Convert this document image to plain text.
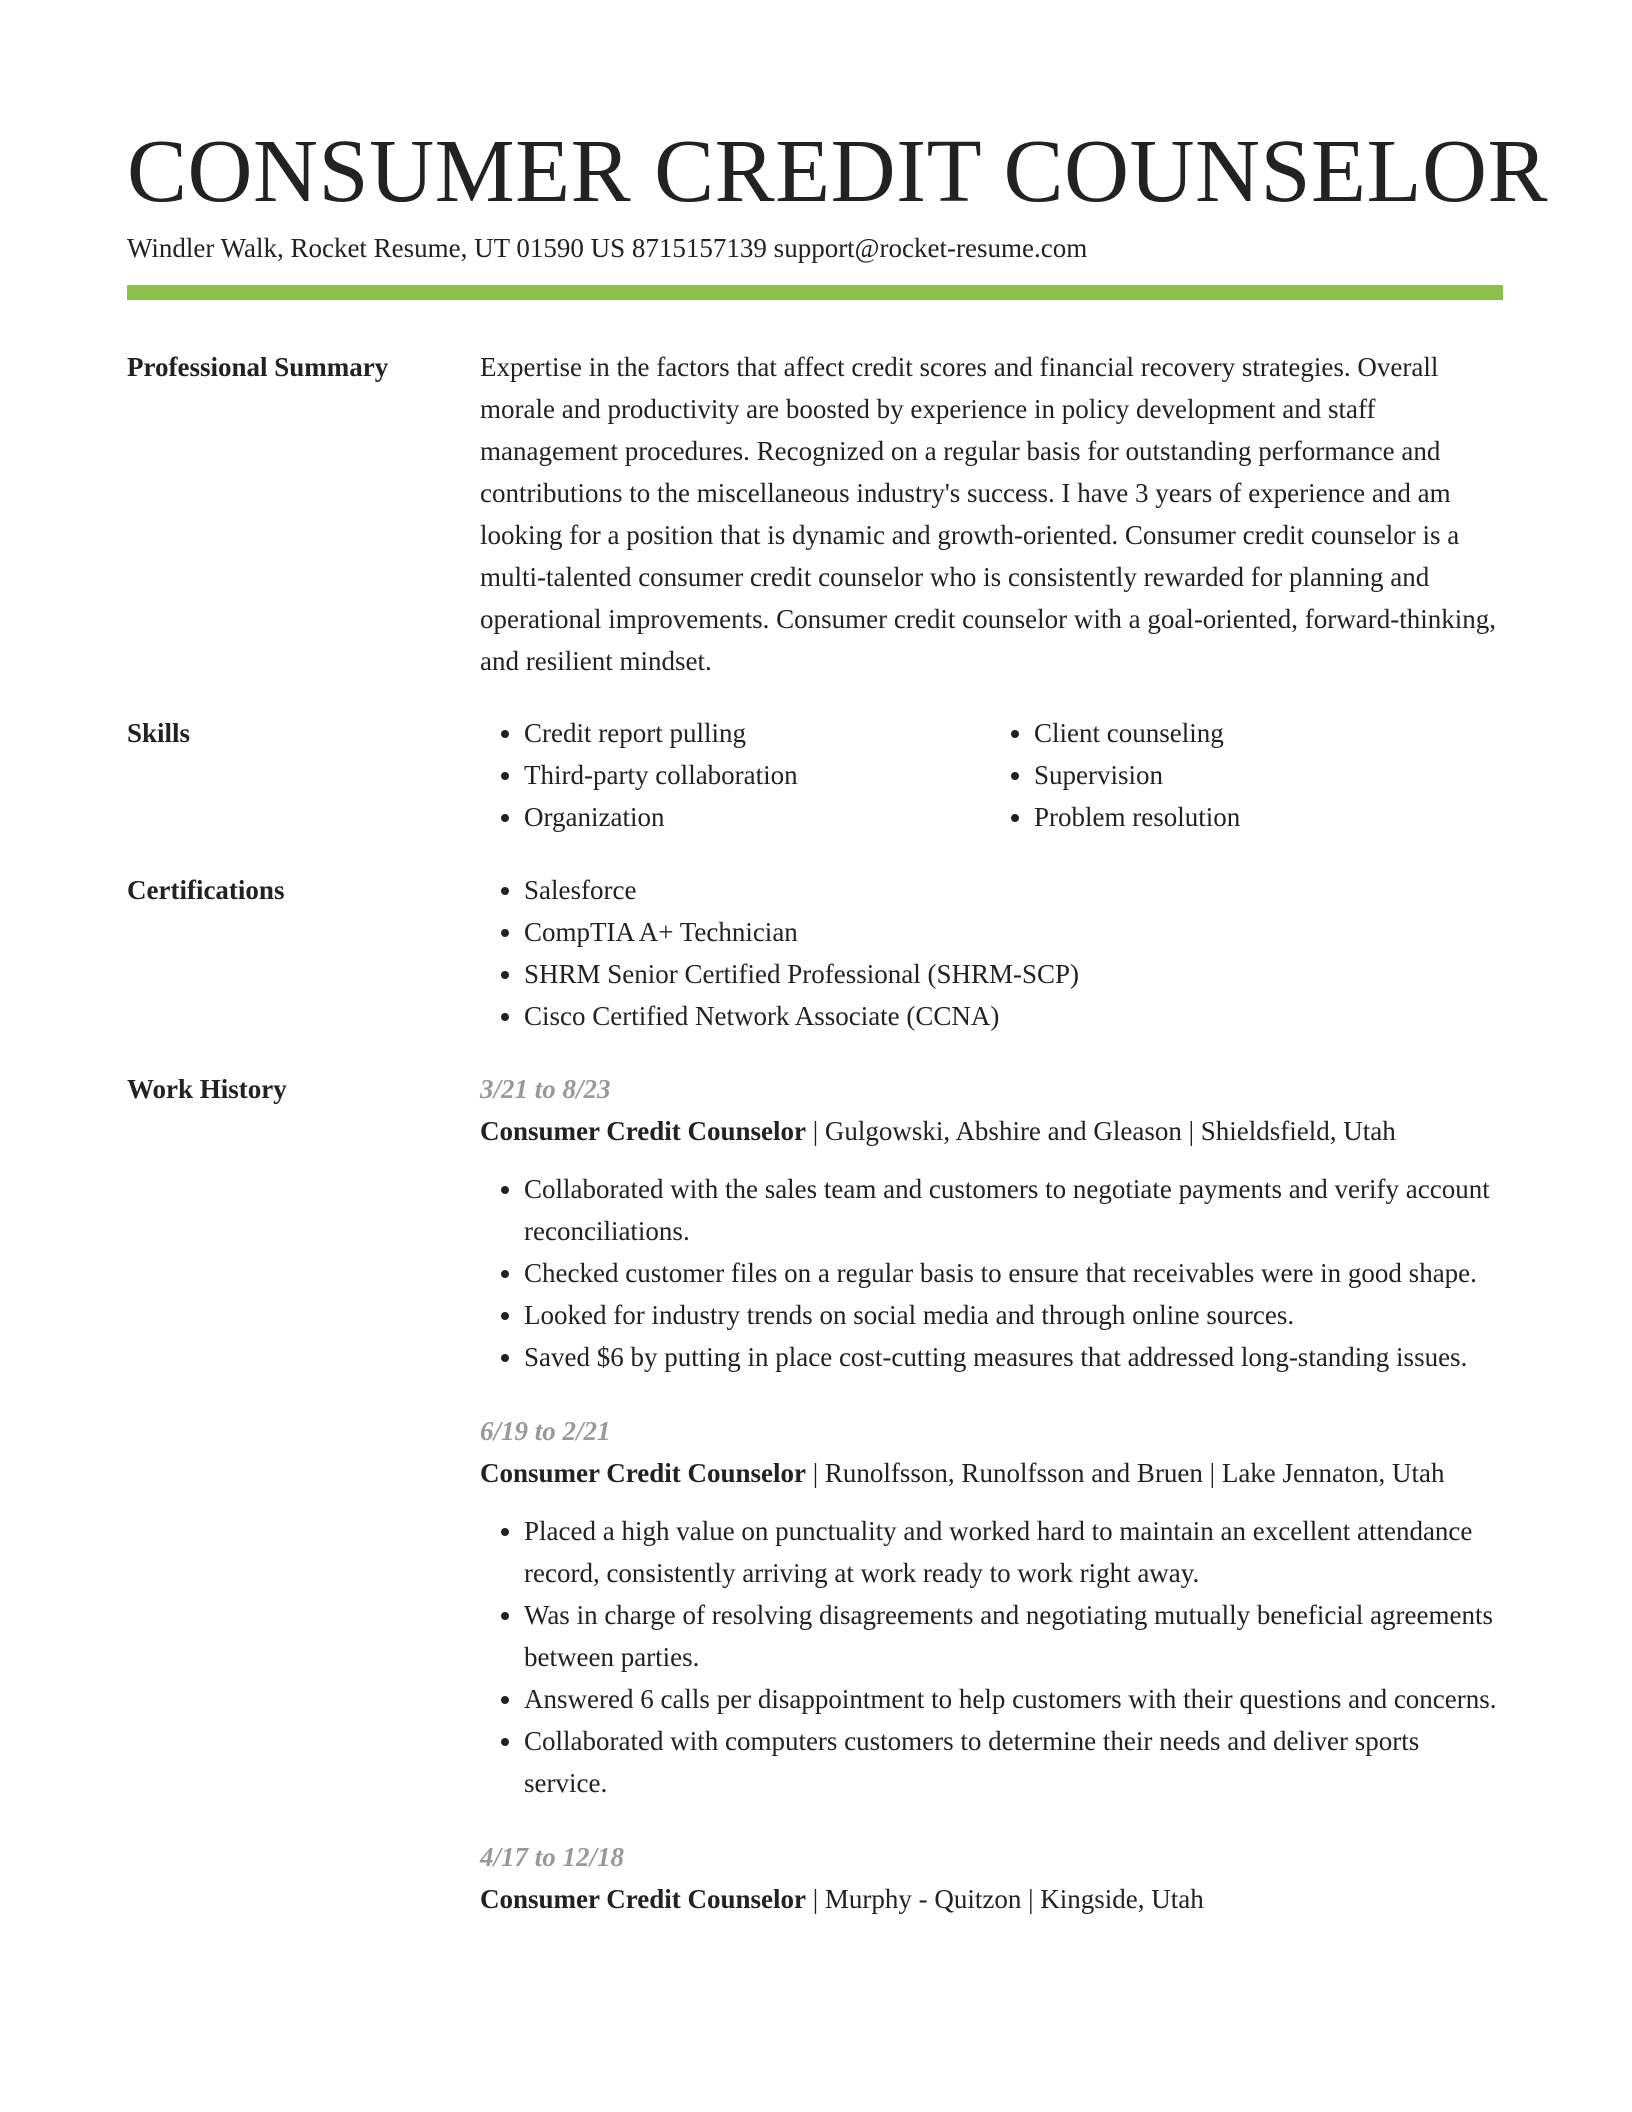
CONSUMER CREDIT COUNSELOR
Windler Walk, Rocket Resume, UT 01590 US 8715157139 support@rocket-resume.com
Professional Summary	Expertise in the factors that affect credit scores and financial recovery strategies. Overall morale and productivity are boosted by experience in policy development and staff management procedures. Recognized on a regular basis for outstanding performance and contributions to the miscellaneous industry's success. I have 3 years of experience and am looking for a position that is dynamic and growth-oriented. Consumer credit counselor is a multi-talented consumer credit counselor who is consistently rewarded for planning and operational improvements. Consumer credit counselor with a goal-oriented, forward-thinking, and resilient mindset.

Skills	• Credit report pulling
• Third-party collaboration
• Organization
• Client counseling
• Supervision
• Problem resolution
Certifications	• Salesforce
• CompTIA A+ Technician
• SHRM Senior Certified Professional (SHRM-SCP)
• Cisco Certified Network Associate (CCNA)
Work History	3/21 to 8/23
Consumer Credit Counselor | Gulgowski, Abshire and Gleason | Shieldsfield, Utah
• Collaborated with the sales team and customers to negotiate payments and verify account reconciliations.
• Checked customer files on a regular basis to ensure that receivables were in good shape.
• Looked for industry trends on social media and through online sources.
• Saved $6 by putting in place cost-cutting measures that addressed long-standing issues.
6/19 to 2/21
Consumer Credit Counselor | Runolfsson, Runolfsson and Bruen | Lake Jennaton, Utah
• Placed a high value on punctuality and worked hard to maintain an excellent attendance record, consistently arriving at work ready to work right away.
• Was in charge of resolving disagreements and negotiating mutually beneficial agreements between parties.
• Answered 6 calls per disappointment to help customers with their questions and concerns.
• Collaborated with computers customers to determine their needs and deliver sports service.
4/17 to 12/18
Consumer Credit Counselor | Murphy - Quitzon | Kingside, Utah
